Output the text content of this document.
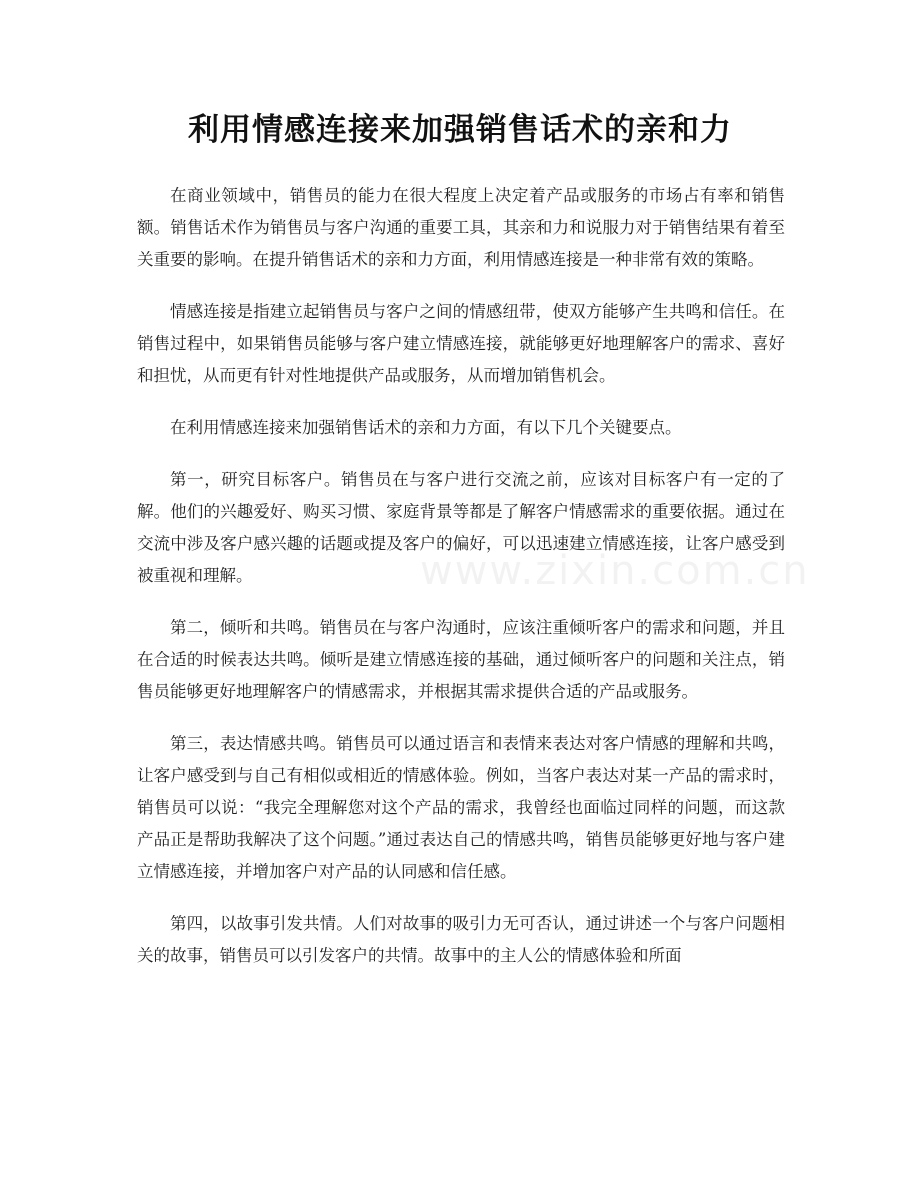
利用情感连接来加强销售话术的亲和力
www.zixin.com.cn

在商业领域中，销售员的能力在很大程度上决定着产品或服务的市场占有率和销售额。销售话术作为销售员与客户沟通的重要工具，其亲和力和说服力对于销售结果有着至关重要的影响。在提升销售话术的亲和力方面，利用情感连接是一种非常有效的策略。

情感连接是指建立起销售员与客户之间的情感纽带，使双方能够产生共鸣和信任。在销售过程中，如果销售员能够与客户建立情感连接，就能够更好地理解客户的需求、喜好和担忧，从而更有针对性地提供产品或服务，从而增加销售机会。

在利用情感连接来加强销售话术的亲和力方面，有以下几个关键要点。

第一，研究目标客户。销售员在与客户进行交流之前，应该对目标客户有一定的了解。他们的兴趣爱好、购买习惯、家庭背景等都是了解客户情感需求的重要依据。通过在交流中涉及客户感兴趣的话题或提及客户的偏好，可以迅速建立情感连接，让客户感受到被重视和理解。

第二，倾听和共鸣。销售员在与客户沟通时，应该注重倾听客户的需求和问题，并且在合适的时候表达共鸣。倾听是建立情感连接的基础，通过倾听客户的问题和关注点，销售员能够更好地理解客户的情感需求，并根据其需求提供合适的产品或服务。

第三，表达情感共鸣。销售员可以通过语言和表情来表达对客户情感的理解和共鸣，让客户感受到与自己有相似或相近的情感体验。例如，当客户表达对某一产品的需求时，销售员可以说：“我完全理解您对这个产品的需求，我曾经也面临过同样的问题，而这款产品正是帮助我解决了这个问题。”通过表达自己的情感共鸣，销售员能够更好地与客户建立情感连接，并增加客户对产品的认同感和信任感。

第四，以故事引发共情。人们对故事的吸引力无可否认，通过讲述一个与客户问题相关的故事，销售员可以引发客户的共情。故事中的主人公的情感体验和所面
